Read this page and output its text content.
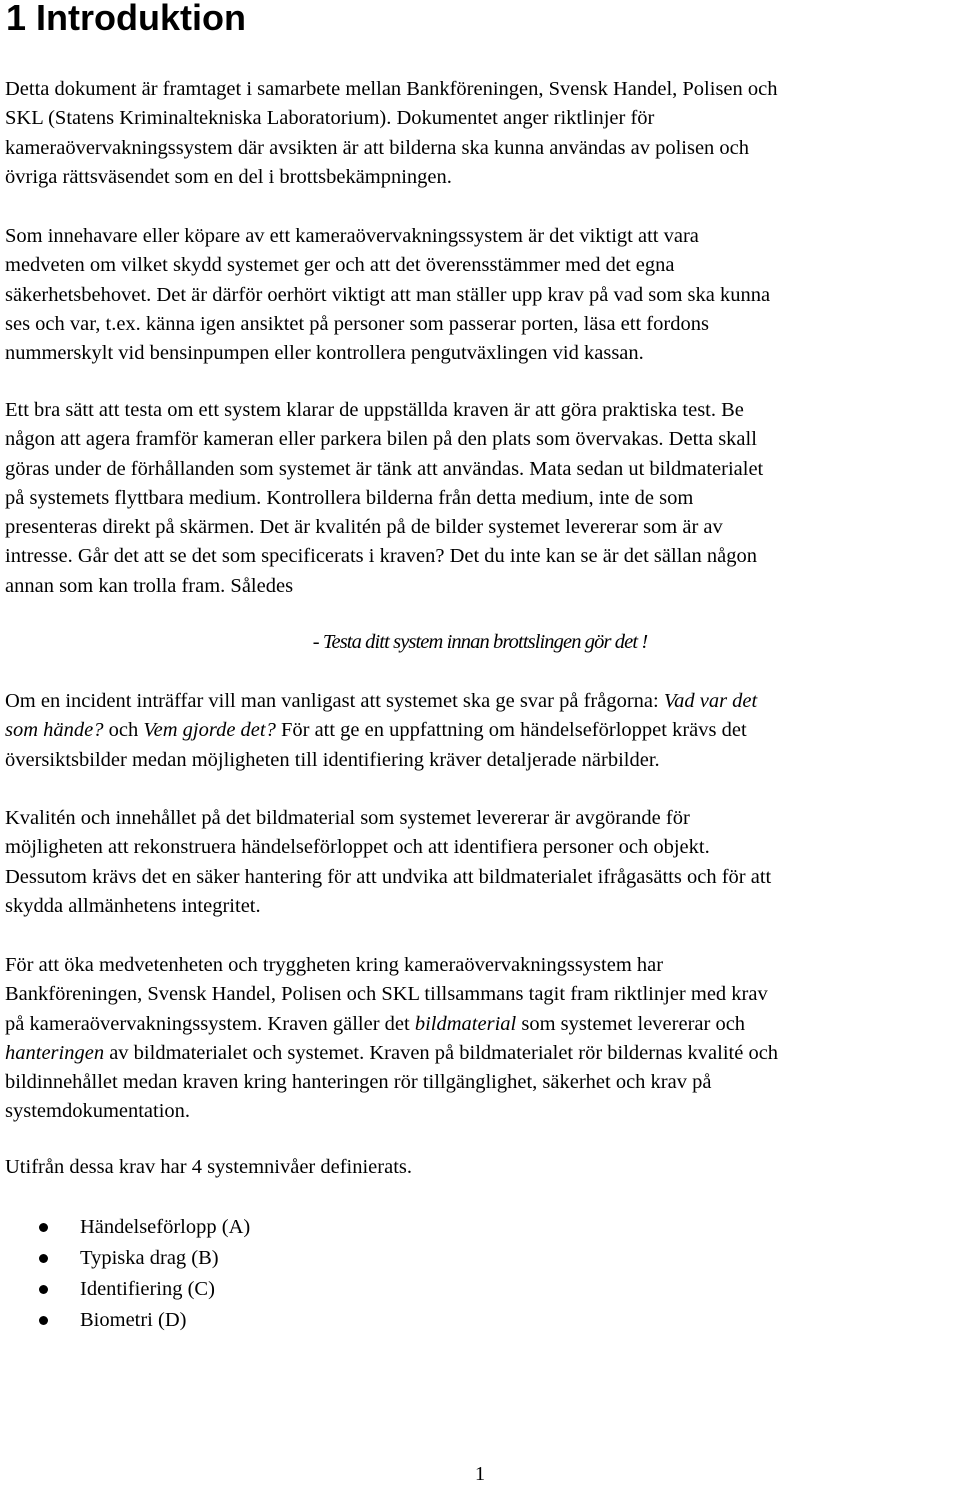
1 Introduktion

Detta dokument är framtaget i samarbete mellan Bankföreningen, Svensk Handel, Polisen och
SKL (Statens Kriminaltekniska Laboratorium). Dokumentet anger riktlinjer för
kameraövervakningssystem där avsikten är att bilderna ska kunna användas av polisen och
övriga rättsväsendet som en del i brottsbekämpningen.

Som innehavare eller köpare av ett kameraövervakningssystem är det viktigt att vara
medveten om vilket skydd systemet ger och att det överensstämmer med det egna
säkerhetsbehovet. Det är därför oerhört viktigt att man ställer upp krav på vad som ska kunna
ses och var, t.ex. känna igen ansiktet på personer som passerar porten, läsa ett fordons
nummerskylt vid bensinpumpen eller kontrollera pengutväxlingen vid kassan.

Ett bra sätt att testa om ett system klarar de uppställda kraven är att göra praktiska test. Be
någon att agera framför kameran eller parkera bilen på den plats som övervakas. Detta skall
göras under de förhållanden som systemet är tänk att användas. Mata sedan ut bildmaterialet
på systemets flyttbara medium. Kontrollera bilderna från detta medium, inte de som
presenteras direkt på skärmen. Det är kvalitén på de bilder systemet levererar som är av
intresse. Går det att se det som specificerats i kraven? Det du inte kan se är det sällan någon
annan som kan trolla fram. Således

- Testa ditt system innan brottslingen gör det !

Om en incident inträffar vill man vanligast att systemet ska ge svar på frågorna: Vad var det
som hände? och Vem gjorde det? För att ge en uppfattning om händelseförloppet krävs det
översiktsbilder medan möjligheten till identifiering kräver detaljerade närbilder.

Kvalitén och innehållet på det bildmaterial som systemet levererar är avgörande för
möjligheten att rekonstruera händelseförloppet och att identifiera personer och objekt.
Dessutom krävs det en säker hantering för att undvika att bildmaterialet ifrågasätts och för att
skydda allmänhetens integritet.

För att öka medvetenheten och tryggheten kring kameraövervakningssystem har
Bankföreningen, Svensk Handel, Polisen och SKL tillsammans tagit fram riktlinjer med krav
på kameraövervakningssystem. Kraven gäller det bildmaterial som systemet levererar och
hanteringen av bildmaterialet och systemet. Kraven på bildmaterialet rör bildernas kvalité och
bildinnehållet medan kraven kring hanteringen rör tillgänglighet, säkerhet och krav på
systemdokumentation.

Utifrån dessa krav har 4 systemnivåer definierats.

Händelseförlopp (A)
Typiska drag (B)
Identifiering (C)
Biometri (D)
1
